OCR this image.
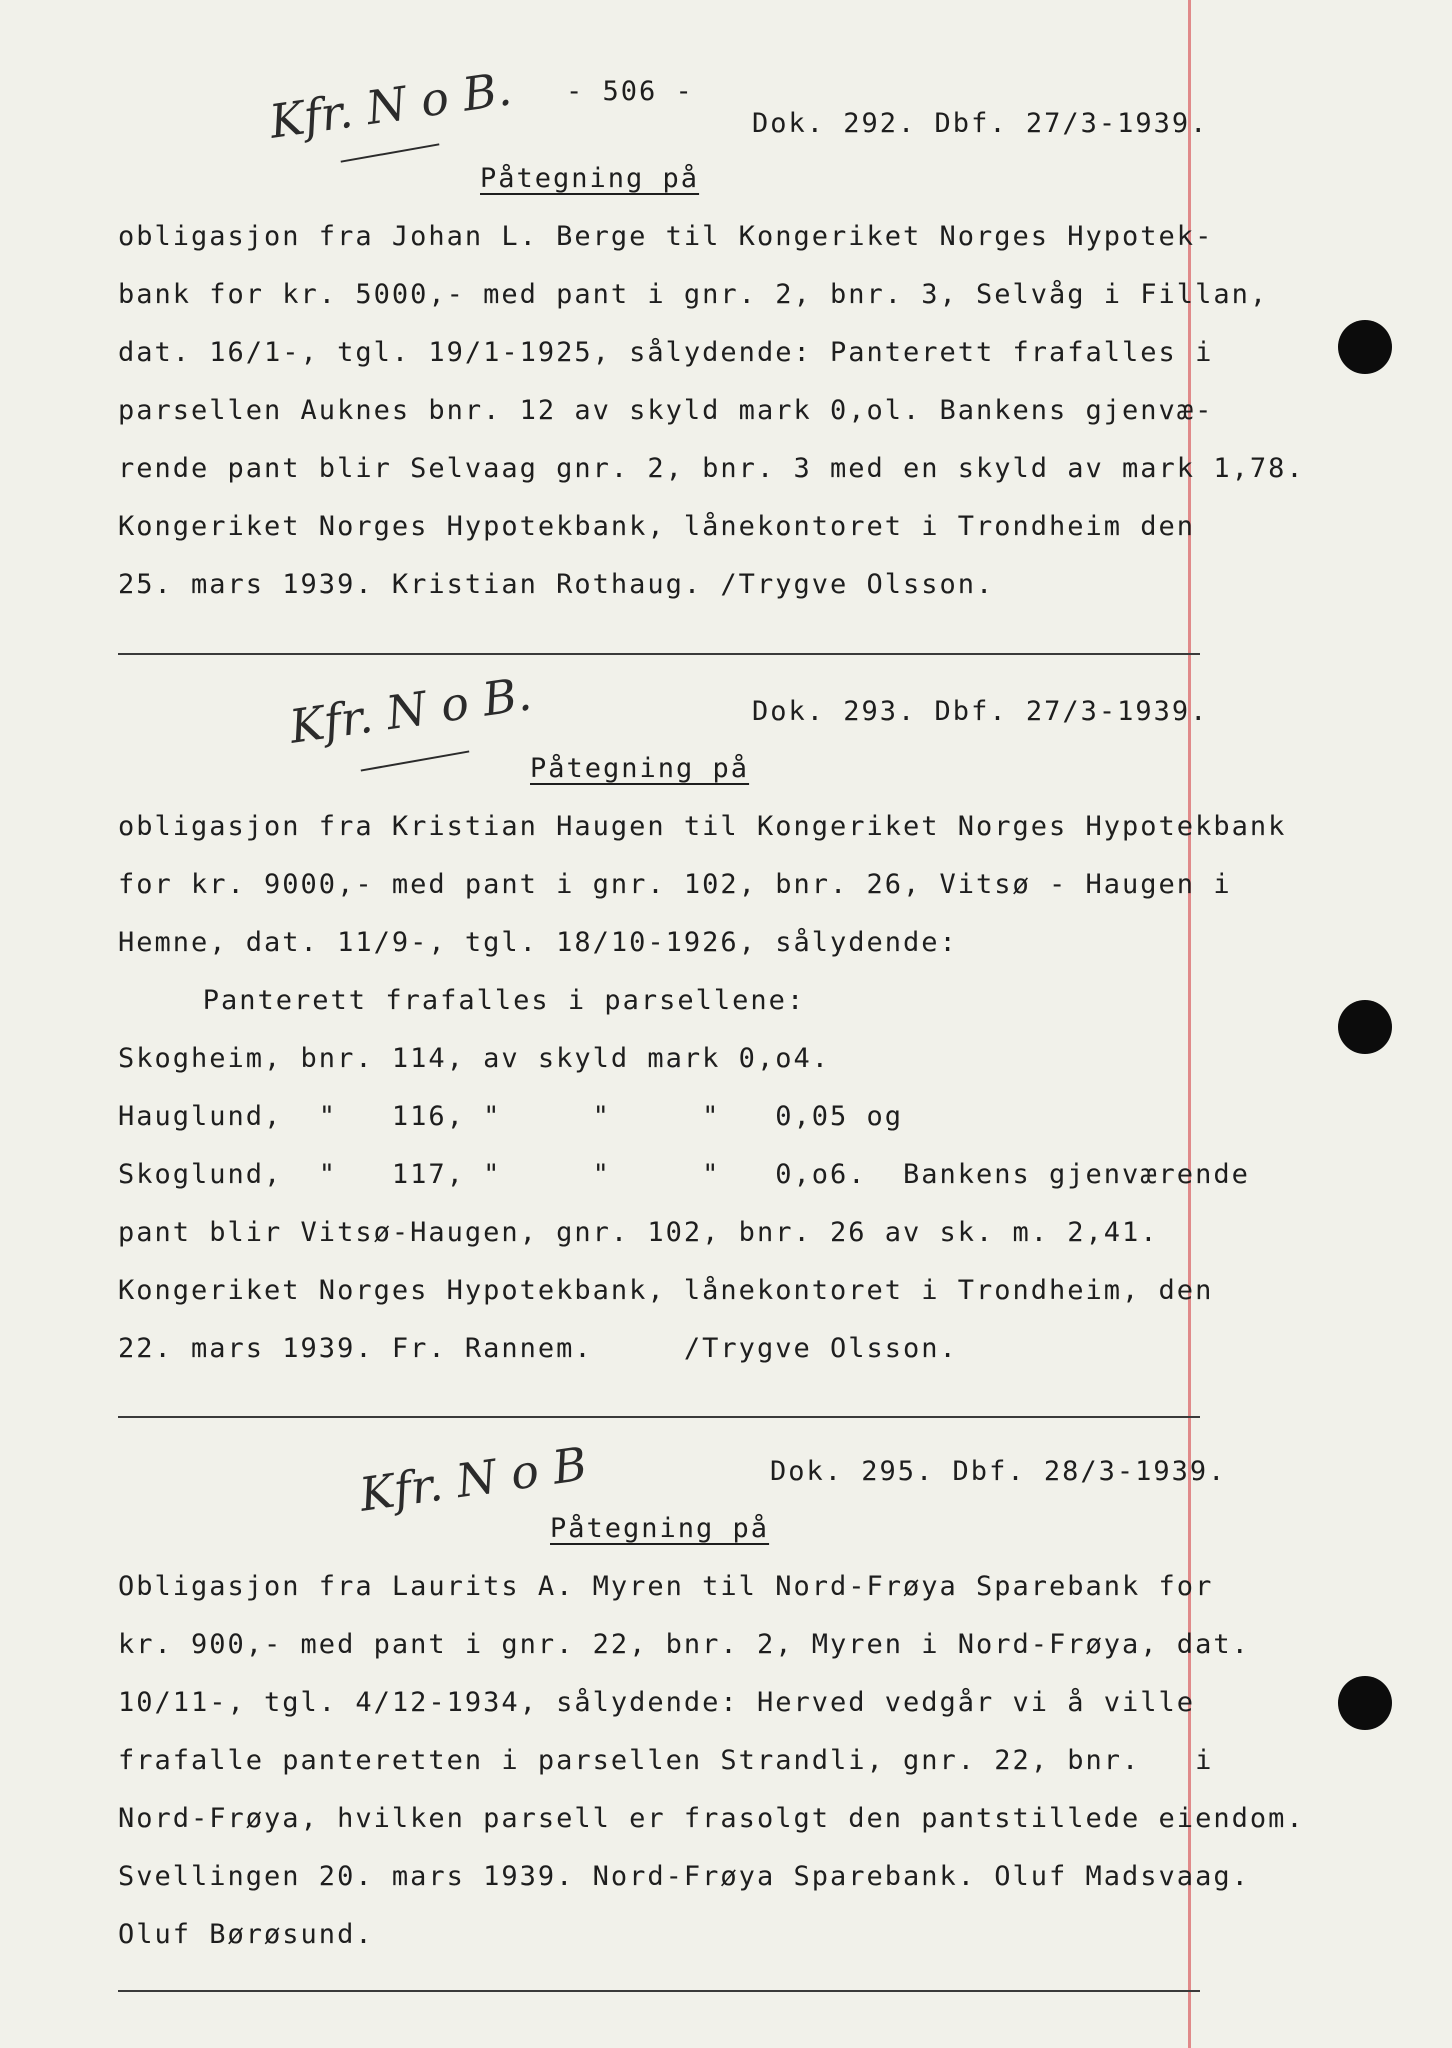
- 506 -
Kfr. N o B.	Dok. 292. Dbf. 27/3-1939.
Påtegning på
obligasjon fra Johan L. Berge til Kongeriket Norges Hypotek-
bank for kr. 5000,- med pant i gnr. 2, bnr. 3, Selvåg i Fillan,
dat. 16/1-, tgl. 19/1-1925, sålydende: Panterett frafalles i
parsellen Auknes bnr. 12 av skyld mark 0,ol. Bankens gjenvæ-
rende pant blir Selvaag gnr. 2, bnr. 3 med en skyld av mark 1,78.
Kongeriket Norges Hypotekbank, lånekontoret i Trondheim den
25. mars 1939. Kristian Rothaug. /Trygve Olsson.
Kfr. N o B.	Dok. 293. Dbf. 27/3-1939.
Påtegning på
obligasjon fra Kristian Haugen til Kongeriket Norges Hypotekbank
for kr. 9000,- med pant i gnr. 102, bnr. 26, Vitsø - Haugen i
Hemne, dat. 11/9-, tgl. 18/10-1926, sålydende:
Panterett frafalles i parsellene:
Skogheim, bnr. 114, av skyld mark 0,o4.
Hauglund,  "   116, "     "     "   0,05 og
Skoglund,  "   117, "     "     "   0,o6.  Bankens gjenværende
pant blir Vitsø-Haugen, gnr. 102, bnr. 26 av sk. m. 2,41.
Kongeriket Norges Hypotekbank, lånekontoret i Trondheim, den
22. mars 1939. Fr. Rannem.     /Trygve Olsson.
Kfr. N o B	Dok. 295. Dbf. 28/3-1939.
Påtegning på
Obligasjon fra Laurits A. Myren til Nord-Frøya Sparebank for
kr. 900,- med pant i gnr. 22, bnr. 2, Myren i Nord-Frøya, dat.
10/11-, tgl. 4/12-1934, sålydende: Herved vedgår vi å ville
frafalle panteretten i parsellen Strandli, gnr. 22, bnr.   i
Nord-Frøya, hvilken parsell er frasolgt den pantstillede eiendom.
Svellingen 20. mars 1939. Nord-Frøya Sparebank. Oluf Madsvaag.
Oluf Børøsund.
